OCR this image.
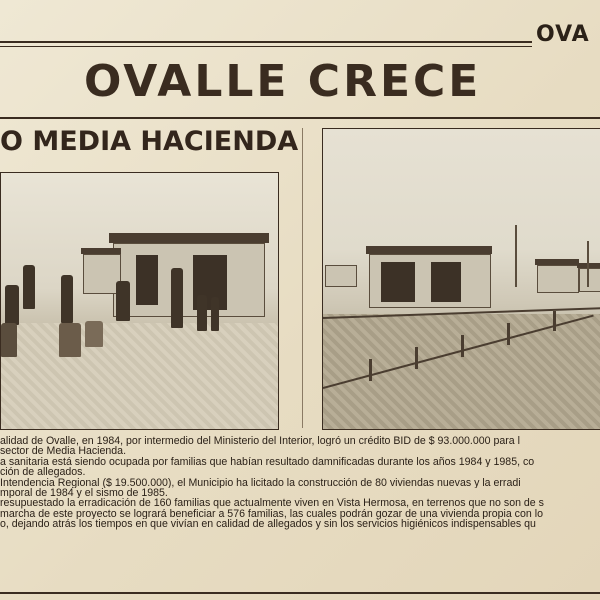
OVA
OVALLE CRECE
O MEDIA HACIENDA
alidad de Ovalle, en 1984, por intermedio del Ministerio del Interior, logró un crédito BID de $ 93.000.000 para l
sector de Media Hacienda.
a sanitaria está siendo ocupada por familias que habían resultado damnificadas durante los años 1984 y 1985, co
ción de allegados.
Intendencia Regional ($ 19.500.000), el Municipio ha licitado la construcción de 80 viviendas nuevas y la erradi
mporal de 1984 y el sismo de 1985.
resupuestado la erradicación de 160 familias que actualmente viven en Vista Hermosa, en terrenos que no son de s
marcha de este proyecto se logrará beneficiar a 576 familias, las cuales podrán gozar de una vivienda propia con lo
o, dejando atrás los tiempos en que vivían en calidad de allegados y sin los servicios higiénicos indispensables qu
